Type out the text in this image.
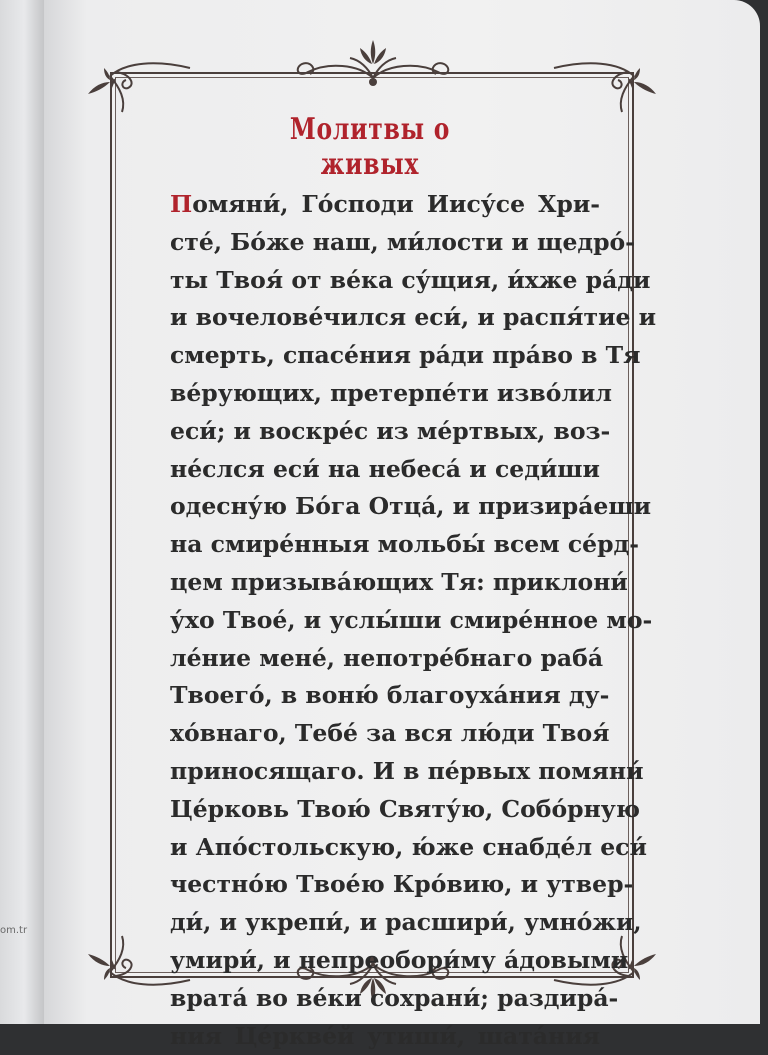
om.tr
Молитвы о живых
Помяни́, Го́споди Иису́се Хри-
сте́, Бо́же наш, ми́лости и щедро́-
ты Твоя́ от ве́ка су́щия, и́хже ра́ди
и вочелове́чился еси́, и распя́тие и
смерть, спасе́ния ра́ди пра́во в Тя
ве́рующих, претерпе́ти изво́лил
еси́; и воскре́с из ме́ртвых, воз-
не́слся еси́ на небеса́ и седи́ши
одесну́ю Бо́га Отца́, и призира́еши
на смире́нныя мольбы́ всем се́рд-
цем призыва́ющих Тя: приклони́
у́хо Твое́, и услы́ши смире́нное мо-
ле́ние мене́, непотре́бнаго раба́
Твоего́, в воню́ благоуха́ния ду-
хо́внаго, Тебе́ за вся лю́ди Твоя́
приносящаго. И в пе́рвых помяни́
Це́рковь Твою́ Святу́ю, Собо́рную
и Апо́стольскую, ю́же снабде́л еси́
честно́ю Твое́ю Кро́вию, и утвер-
ди́, и укрепи́, и расшири́, умно́жи,
умири́, и непреобори́му а́довыми
врата́ во ве́ки сохрани́; раздира́-
ния Це́ркве́й утиши́, шата́ния
